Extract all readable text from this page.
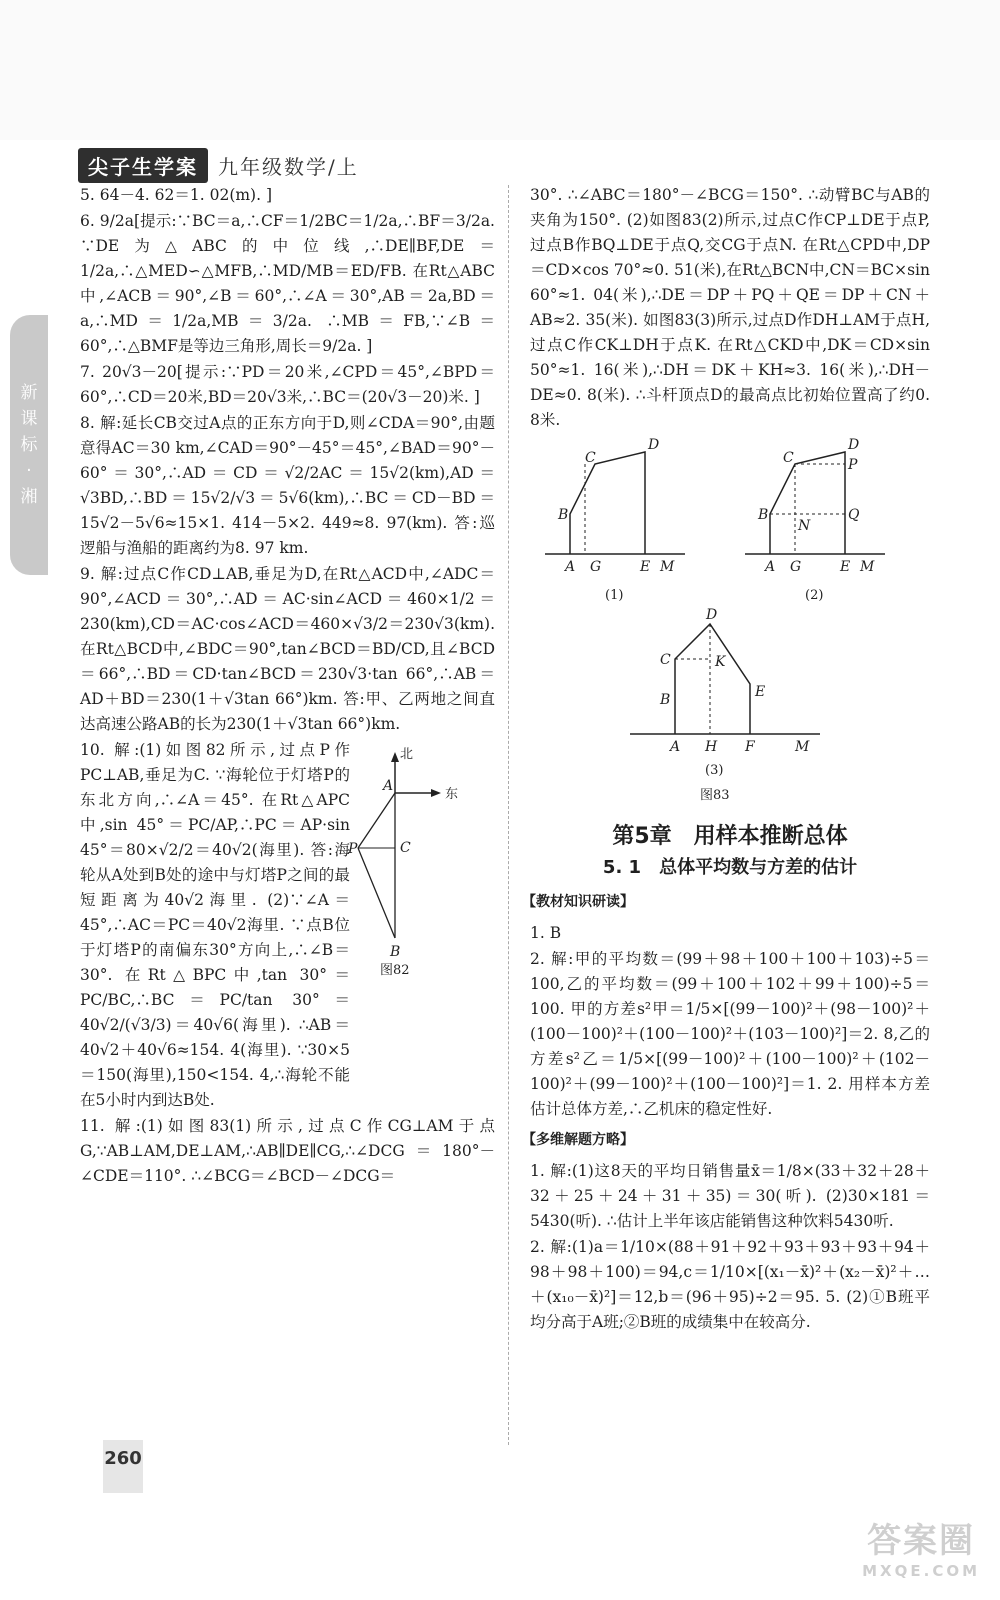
尖子生学案	九年级数学/上
新
课
标
·
湘

5. 64－4. 62＝1. 02(m). ]

6. 9/2a[提示:∵BC＝a,∴CF＝1/2BC＝1/2a,∴BF＝3/2a. ∵DE为△ABC的中位线,∴DE∥BF,DE＝1/2a,∴△MED∽△MFB,∴MD/MB＝ED/FB. 在Rt△ABC中,∠ACB＝90°,∠B＝60°,∴∠A＝30°,AB＝2a,BD＝a,∴MD＝1/2a,MB＝3/2a. ∴MB＝FB,∵∠B＝60°,∴△BMF是等边三角形,周长＝9/2a. ]

7. 20√3－20[提示:∵PD＝20米,∠CPD＝45°,∠BPD＝60°,∴CD＝20米,BD＝20√3米,∴BC＝(20√3－20)米. ]

8. 解:延长CB交过A点的正东方向于D,则∠CDA＝90°,由题意得AC＝30 km,∠CAD＝90°－45°＝45°,∠BAD＝90°－60°＝30°,∴AD＝CD＝√2/2AC＝15√2(km),AD＝√3BD,∴BD＝15√2/√3＝5√6(km),∴BC＝CD－BD＝15√2－5√6≈15×1. 414－5×2. 449≈8. 97(km). 答:巡逻船与渔船的距离约为8. 97 km.

9. 解:过点C作CD⊥AB,垂足为D,在Rt△ACD中,∠ADC＝90°,∠ACD＝30°,∴AD＝AC·sin∠ACD＝460×1/2＝230(km),CD＝AC·cos∠ACD＝460×√3/2＝230√3(km). 在Rt△BCD中,∠BDC＝90°,tan∠BCD＝BD/CD,且∠BCD＝66°,∴BD＝CD·tan∠BCD＝230√3·tan 66°,∴AB＝AD＋BD＝230(1＋√3tan 66°)km. 答:甲、乙两地之间直达高速公路AB的长为230(1＋√3tan 66°)km.

10. 解:(1)如图82所示,过点P作PC⊥AB,垂足为C. ∵海轮位于灯塔P的东北方向,∴∠A＝45°. 在Rt△APC中,sin 45°＝PC/AP,∴PC＝AP·sin 45°＝80×√2/2＝40√2(海里). 答:海轮从A处到B处的途中与灯塔P之间的最短距离为40√2海里. (2)∵∠A＝45°,∴AC＝PC＝40√2海里. ∵点B位于灯塔P的南偏东30°方向上,∴∠B＝30°. 在Rt△BPC中,tan 30°＝PC/BC,∴BC＝PC/tan 30°＝40√2/(√3/3)＝40√6(海里). ∴AB＝40√2＋40√6≈154. 4(海里). ∵30×5＝150(海里),150<154. 4,∴海轮不能在5小时内到达B处.

北
东
A
P	C
B
图82

11. 解:(1)如图83(1)所示,过点C作CG⊥AM于点G,∵AB⊥AM,DE⊥AM,∴AB∥DE∥CG,∴∠DCG＝180°－∠CDE＝110°. ∴∠BCG＝∠BCD－∠DCG＝

30°. ∴∠ABC＝180°－∠BCG＝150°. ∴动臂BC与AB的夹角为150°. (2)如图83(2)所示,过点C作CP⊥DE于点P,过点B作BQ⊥DE于点Q,交CG于点N. 在Rt△CPD中,DP＝CD×cos 70°≈0. 51(米),在Rt△BCN中,CN＝BC×sin 60°≈1. 04(米),∴DE＝DP＋PQ＋QE＝DP＋CN＋AB≈2. 35(米). 如图83(3)所示,过点D作DH⊥AM于点H,过点C作CK⊥DH于点K. 在Rt△CKD中,DK＝CD×sin 50°≈1. 16(米),∴DH＝DK＋KH≈3. 16(米),∴DH－DE≈0. 8(米). ∴斗杆顶点D的最高点比初始位置高了约0. 8米.

B
C
D
A G	E M
(1)
B
C
D
P
N
Q
A G	E M
(2)
C
B
D
K
E
A H F	M
(3)
图83
第5章　用样本推断总体
5. 1　总体平均数与方差的估计
【教材知识研读】

1. B

2. 解:甲的平均数＝(99＋98＋100＋100＋103)÷5＝100,乙的平均数＝(99＋100＋102＋99＋100)÷5＝100. 甲的方差s²甲＝1/5×[(99－100)²＋(98－100)²＋(100－100)²＋(100－100)²＋(103－100)²]＝2. 8,乙的方差s²乙＝1/5×[(99－100)²＋(100－100)²＋(102－100)²＋(99－100)²＋(100－100)²]＝1. 2. 用样本方差估计总体方差,∴乙机床的稳定性好.

【多维解题方略】

1. 解:(1)这8天的平均日销售量x̄＝1/8×(33＋32＋28＋32＋25＋24＋31＋35)＝30(听). (2)30×181＝5430(听). ∴估计上半年该店能销售这种饮料5430听.

2. 解:(1)a＝1/10×(88＋91＋92＋93＋93＋93＋94＋98＋98＋100)＝94,c＝1/10×[(x₁－x̄)²＋(x₂－x̄)²＋…＋(x₁₀－x̄)²]＝12,b＝(96＋95)÷2＝95. 5. (2)①B班平均分高于A班;②B班的成绩集中在较高分.

260
答案圈
MXQE.COM
